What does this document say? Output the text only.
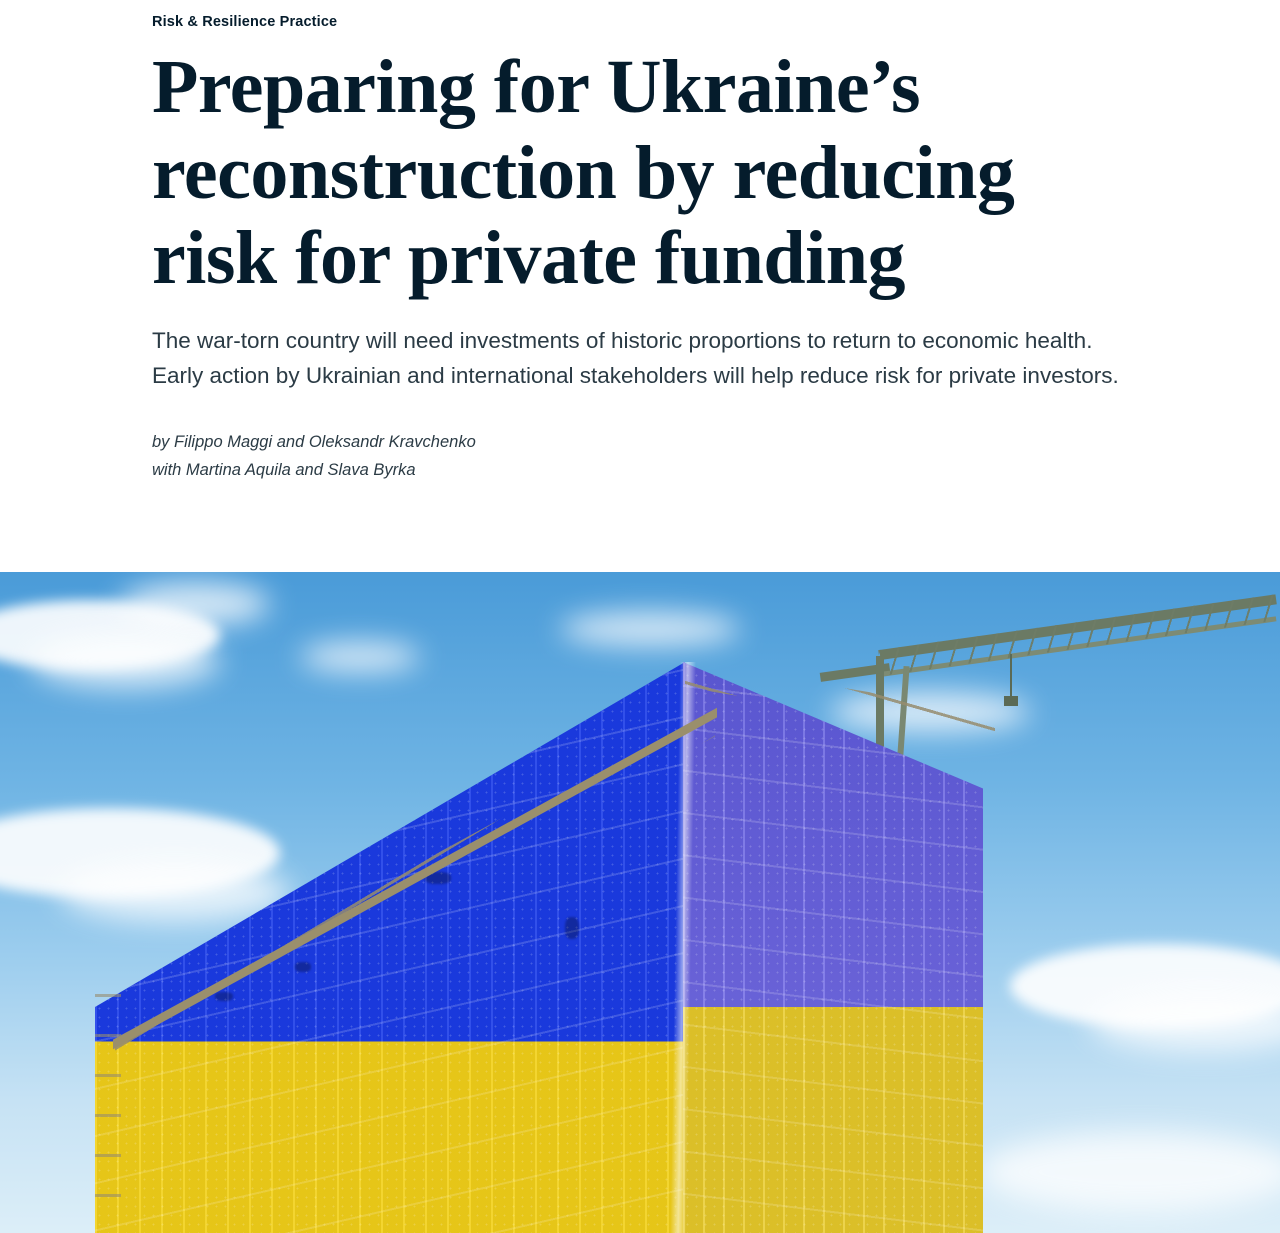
Risk & Resilience Practice
Preparing for Ukraine’s reconstruction by reducing risk for private funding

The war-torn country will need investments of historic proportions to return to economic health. Early action by Ukrainian and international stakeholders will help reduce risk for private investors.

by Filippo Maggi and Oleksandr Kravchenko
with Martina Aquila and Slava Byrka
